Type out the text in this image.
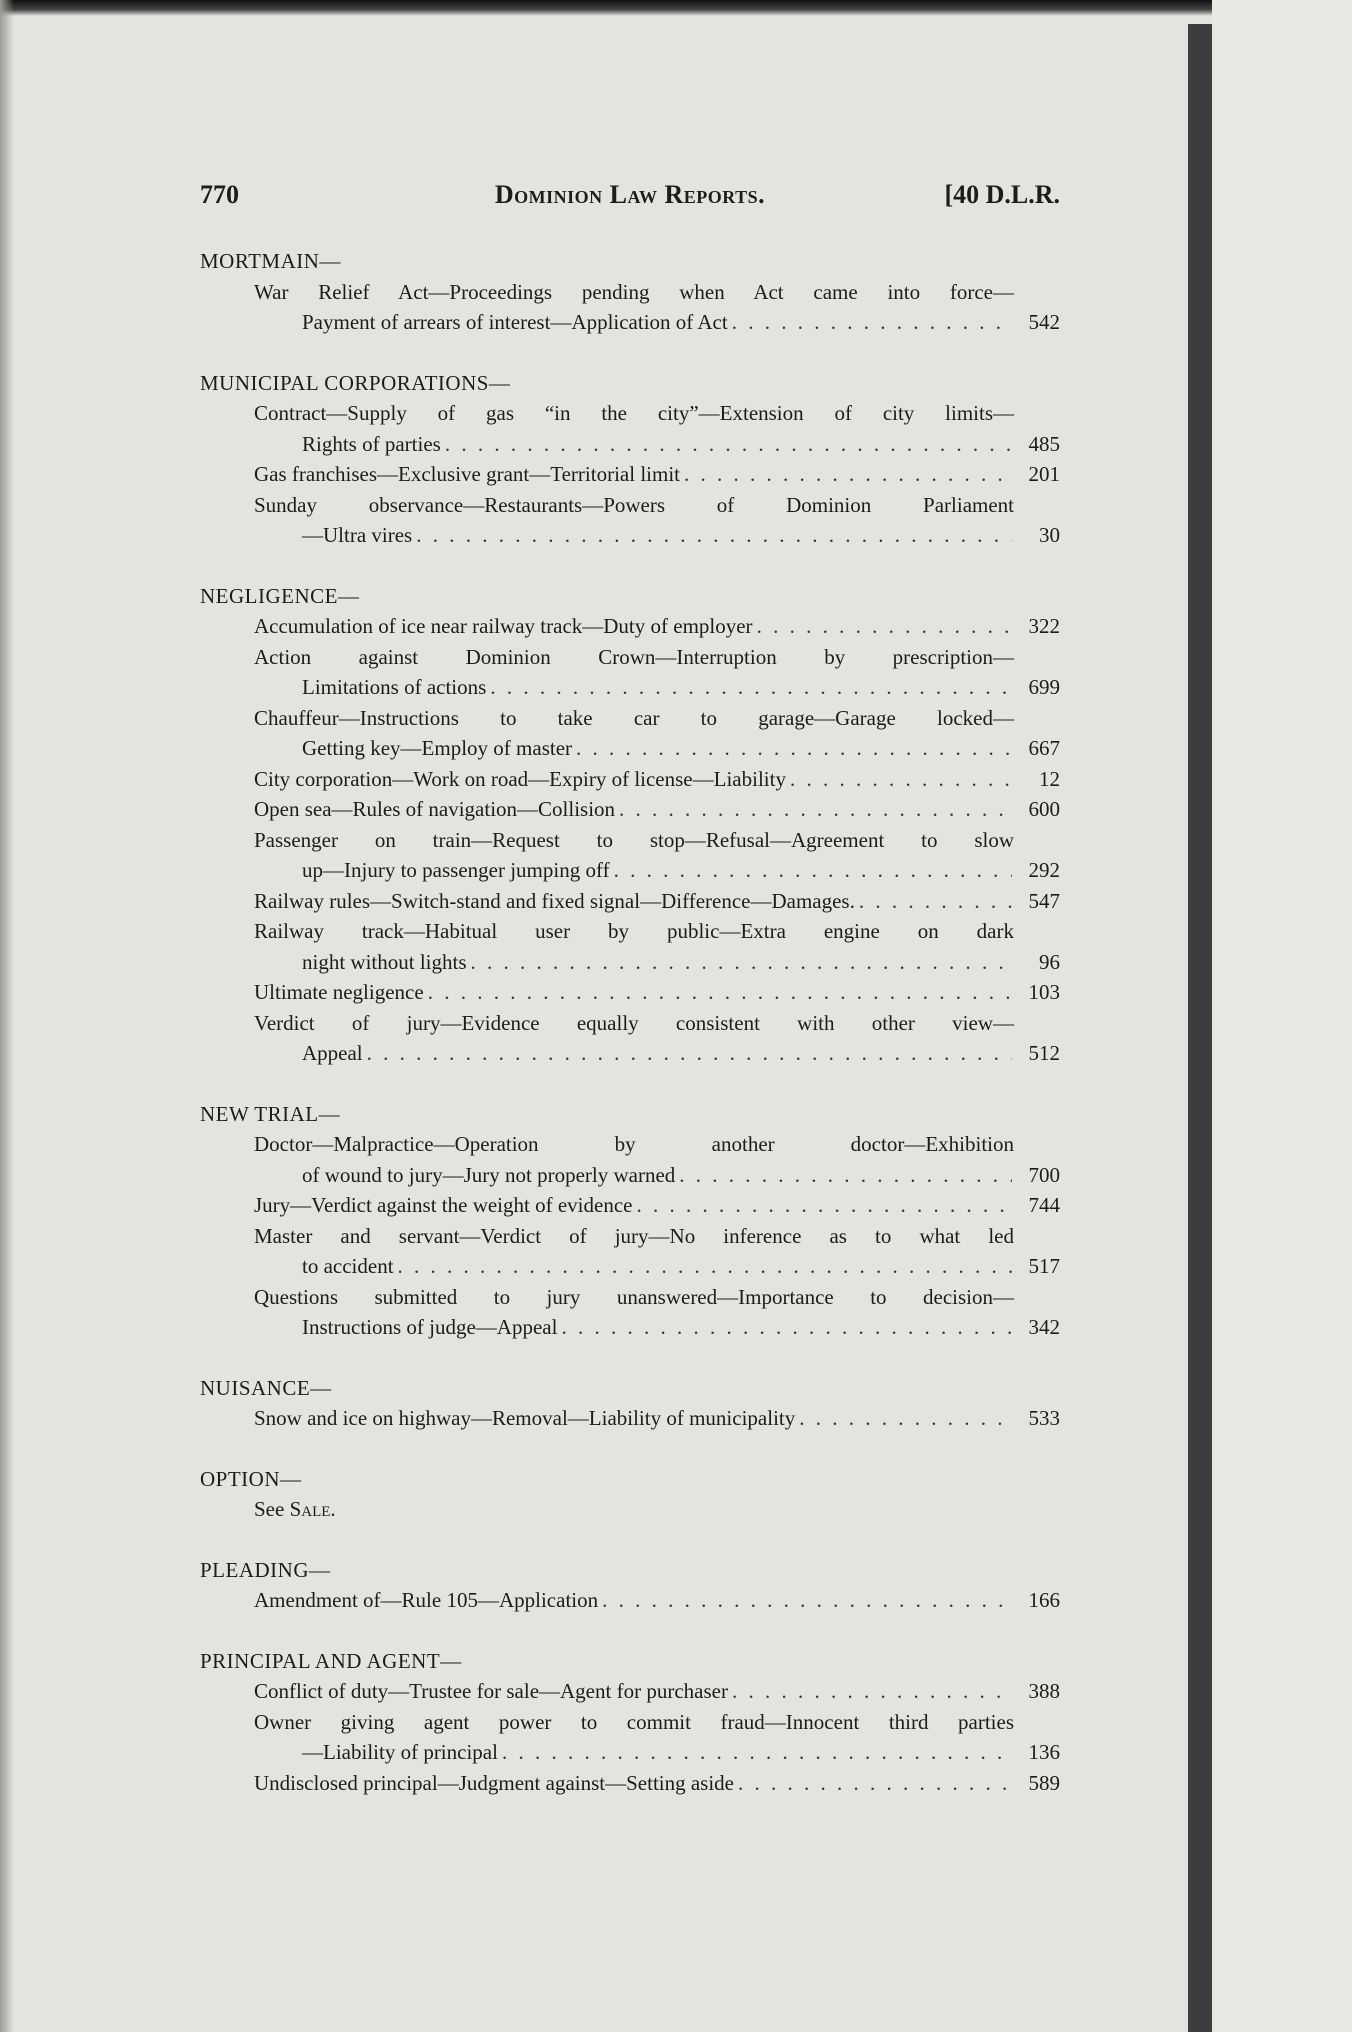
770	Dominion Law Reports.	[40 D.L.R.
MORTMAIN—
War Relief Act—Proceedings pending when Act came into force—
Payment of arrears of interest—Application of Act . . .	542
MUNICIPAL CORPORATIONS—
Contract—Supply of gas “in the city”—Extension of city limits—
Rights of parties . . .	485
Gas franchises—Exclusive grant—Territorial limit . . .	201
Sunday observance—Restaurants—Powers of Dominion Parliament
—Ultra vires . . .	30
NEGLIGENCE—
Accumulation of ice near railway track—Duty of employer . . .	322
Action against Dominion Crown—Interruption by prescription—
Limitations of actions . . .	699
Chauffeur—Instructions to take car to garage—Garage locked—
Getting key—Employ of master . . .	667
City corporation—Work on road—Expiry of license—Liability . . .	12
Open sea—Rules of navigation—Collision . . .	600
Passenger on train—Request to stop—Refusal—Agreement to slow
up—Injury to passenger jumping off . . .	292
Railway rules—Switch-stand and fixed signal—Difference—Damages. . . .	547
Railway track—Habitual user by public—Extra engine on dark
night without lights . . .	96
Ultimate negligence . . .	103
Verdict of jury—Evidence equally consistent with other view—
Appeal . . .	512
NEW TRIAL—
Doctor—Malpractice—Operation by another doctor—Exhibition
of wound to jury—Jury not properly warned . . .	700
Jury—Verdict against the weight of evidence . . .	744
Master and servant—Verdict of jury—No inference as to what led
to accident . . .	517
Questions submitted to jury unanswered—Importance to decision—
Instructions of judge—Appeal . . .	342
NUISANCE—
Snow and ice on highway—Removal—Liability of municipality . . .	533
OPTION—
See Sale.
PLEADING—
Amendment of—Rule 105—Application . . .	166
PRINCIPAL AND AGENT—
Conflict of duty—Trustee for sale—Agent for purchaser . . .	388
Owner giving agent power to commit fraud—Innocent third parties
—Liability of principal . . .	136
Undisclosed principal—Judgment against—Setting aside . . .	589
